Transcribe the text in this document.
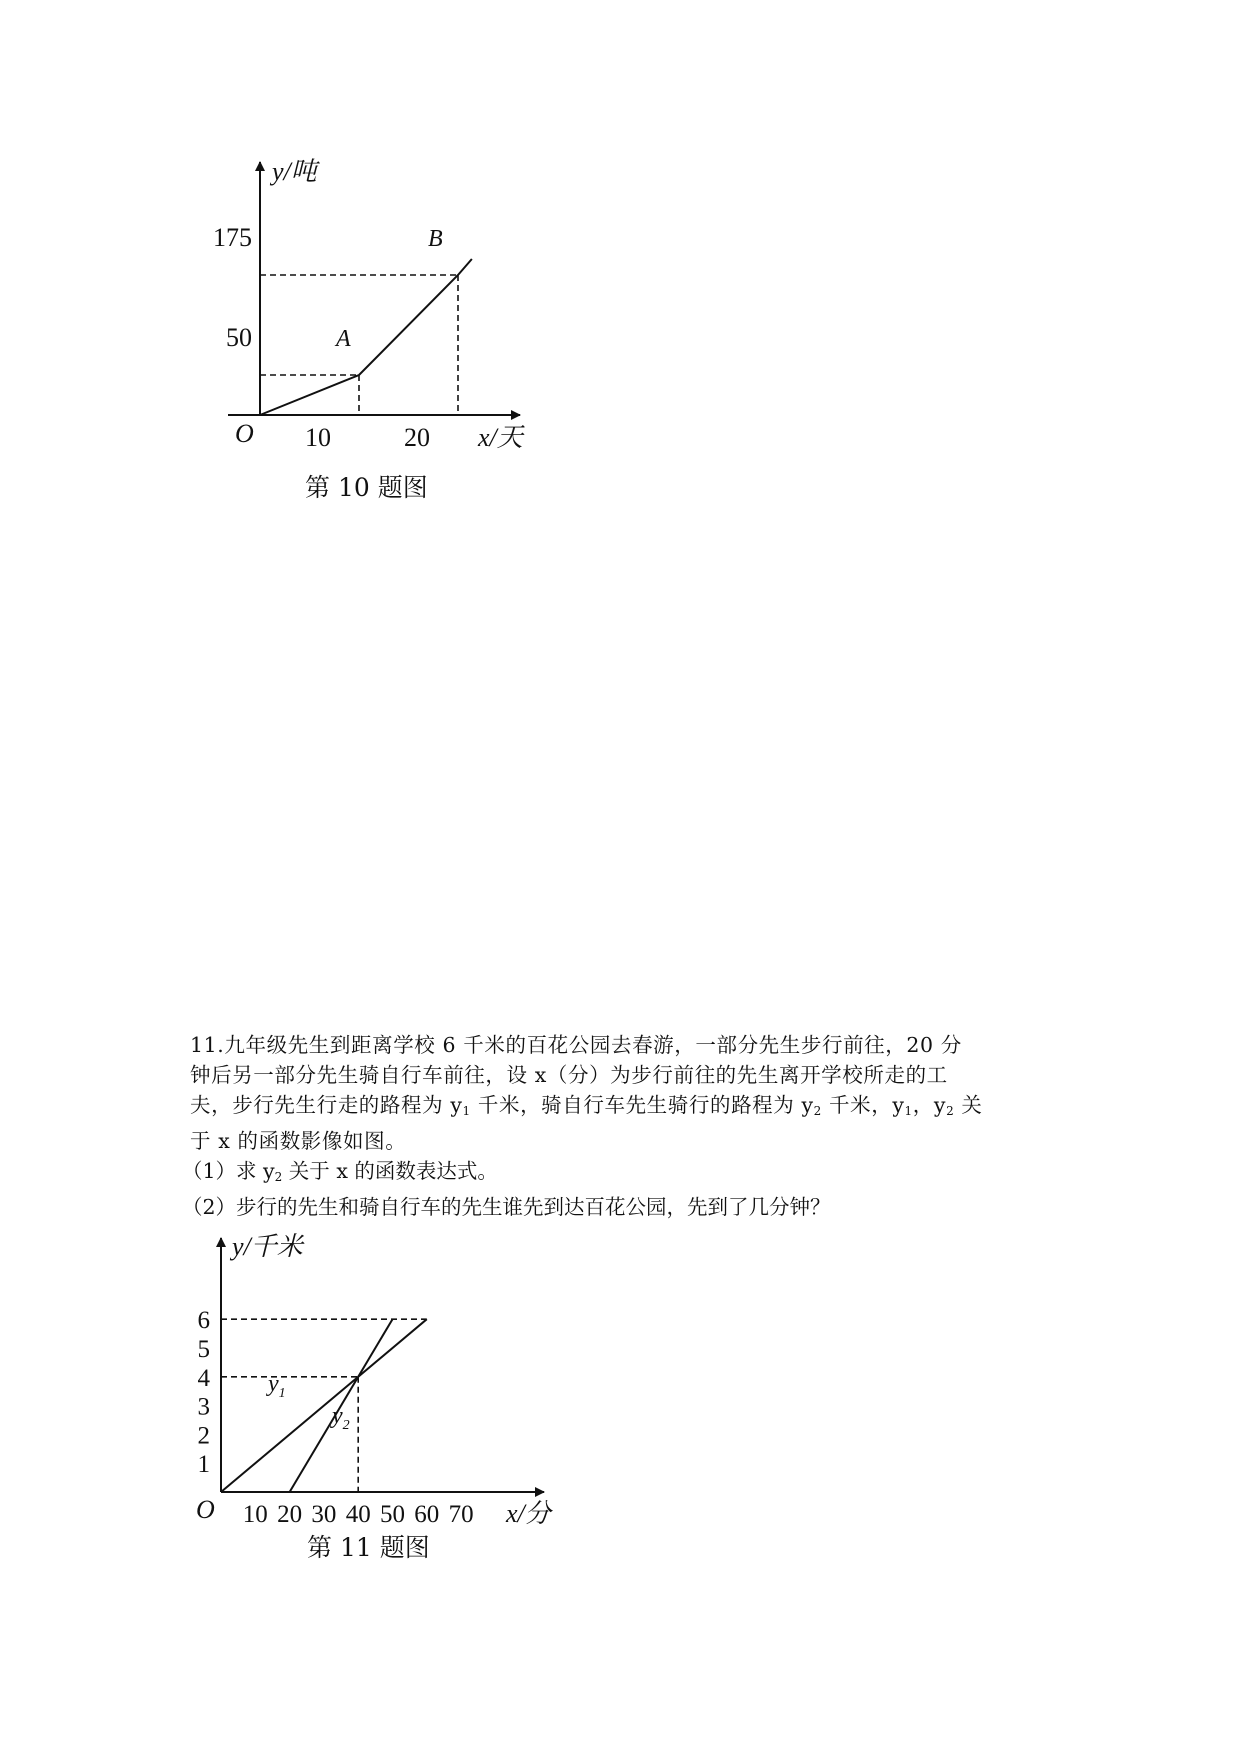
y/吨
x/天
O
175
50
10	20
A
B
第 10 题图

11.九年级先生到距离学校 6 千米的百花公园去春游，一部分先生步行前往，20 分

钟后另一部分先生骑自行车前往，设 x（分）为步行前往的先生离开学校所走的工

夫，步行先生行走的路程为 $y_1$ 千米，骑自行车先生骑行的路程为 $y_2$ 千米，$y_1$，$y_2$ 关

于 x 的函数影像如图。

（1）求 $y_2$ 关于 x 的函数表达式。

（2）步行的先生和骑自行车的先生谁先到达百花公园，先到了几分钟？

1
2
3
4
5
6
10 20 30 40 50 60 70
y/千米
x/分
O
$y_1$
$y_2$
第 11 题图
